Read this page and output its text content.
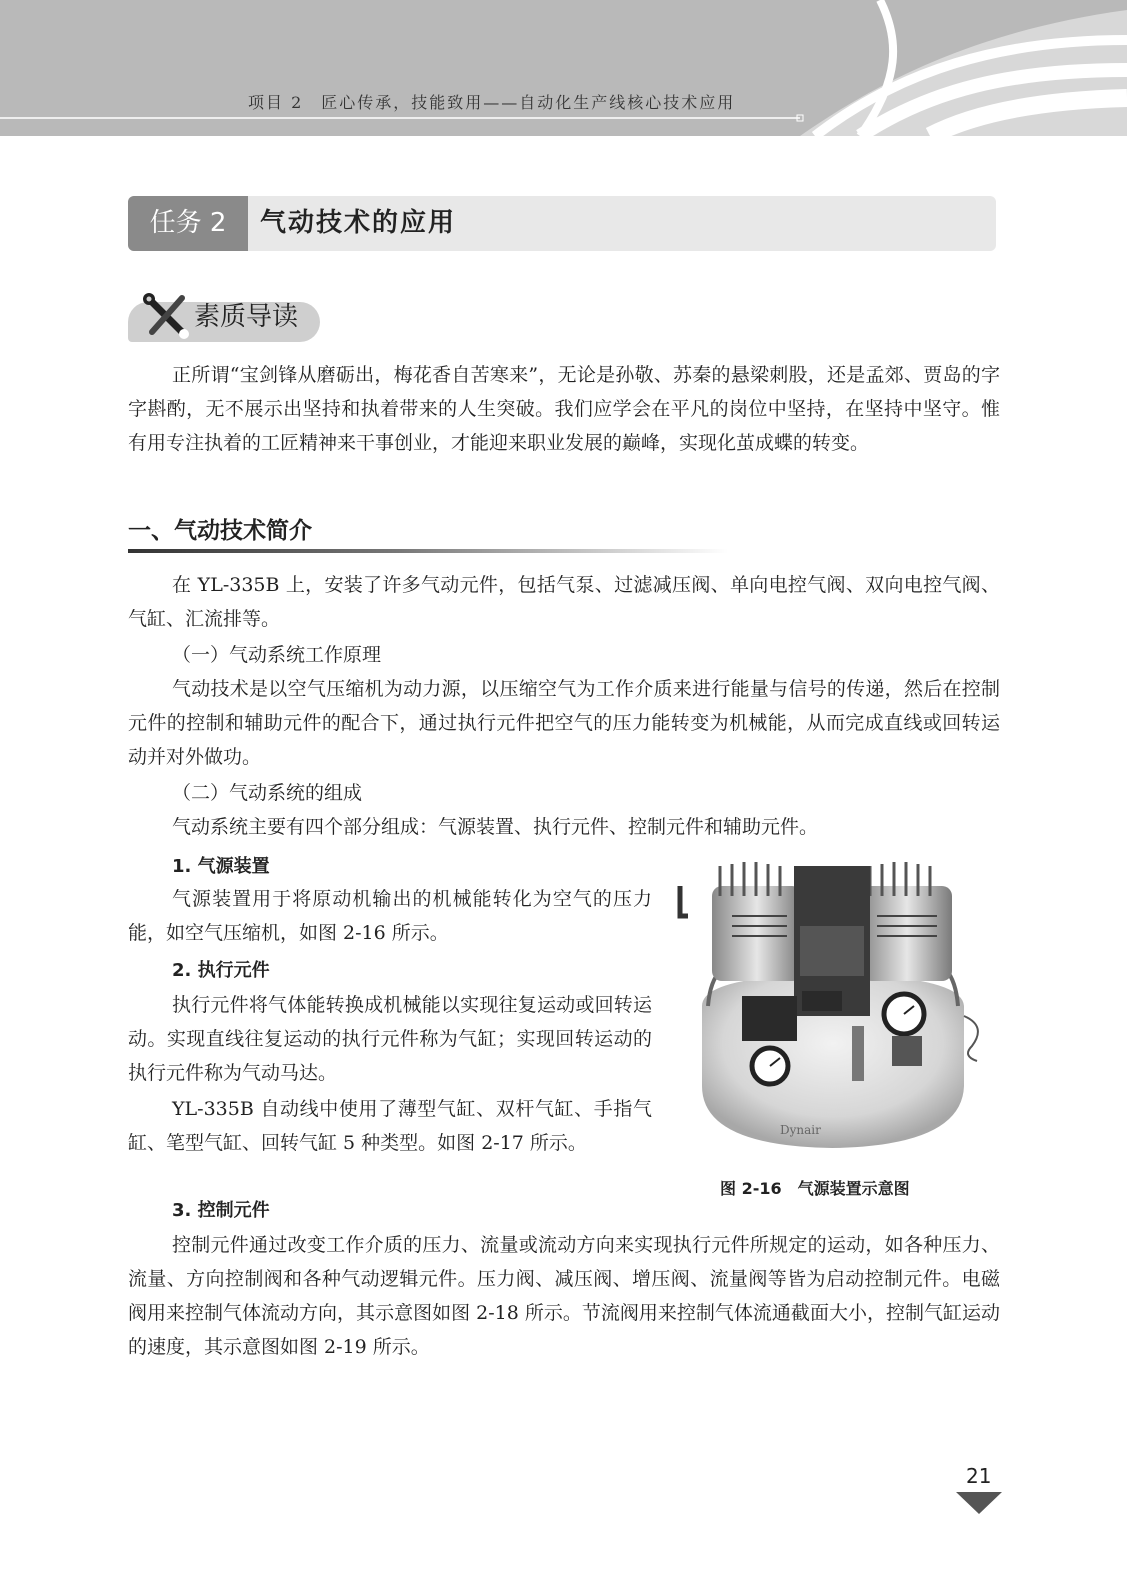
项目 2　匠心传承，技能致用——自动化生产线核心技术应用
任务 2	气动技术的应用
素质导读
正所谓“宝剑锋从磨砺出，梅花香自苦寒来”，无论是孙敬、苏秦的悬梁刺股，还是孟郊、贾岛的字字斟酌，无不展示出坚持和执着带来的人生突破。我们应学会在平凡的岗位中坚持，在坚持中坚守。惟有用专注执着的工匠精神来干事创业，才能迎来职业发展的巅峰，实现化茧成蝶的转变。
一、气动技术简介
在 YL-335B 上，安装了许多气动元件，包括气泵、过滤减压阀、单向电控气阀、双向电控气阀、气缸、汇流排等。
（一）气动系统工作原理
气动技术是以空气压缩机为动力源，以压缩空气为工作介质来进行能量与信号的传递，然后在控制元件的控制和辅助元件的配合下，通过执行元件把空气的压力能转变为机械能，从而完成直线或回转运动并对外做功。
（二）气动系统的组成
气动系统主要有四个部分组成：气源装置、执行元件、控制元件和辅助元件。
1. 气源装置
气源装置用于将原动机输出的机械能转化为空气的压力能，如空气压缩机，如图 2-16 所示。
2. 执行元件
执行元件将气体能转换成机械能以实现往复运动或回转运动。实现直线往复运动的执行元件称为气缸；实现回转运动的执行元件称为气动马达。
YL-335B 自动线中使用了薄型气缸、双杆气缸、手指气缸、笔型气缸、回转气缸 5 种类型。如图 2-17 所示。
3. 控制元件
控制元件通过改变工作介质的压力、流量或流动方向来实现执行元件所规定的运动，如各种压力、流量、方向控制阀和各种气动逻辑元件。压力阀、减压阀、增压阀、流量阀等皆为启动控制元件。电磁阀用来控制气体流动方向，其示意图如图 2-18 所示。节流阀用来控制气体流通截面大小，控制气缸运动的速度，其示意图如图 2-19 所示。
Dynair
图 2-16　气源装置示意图
21
